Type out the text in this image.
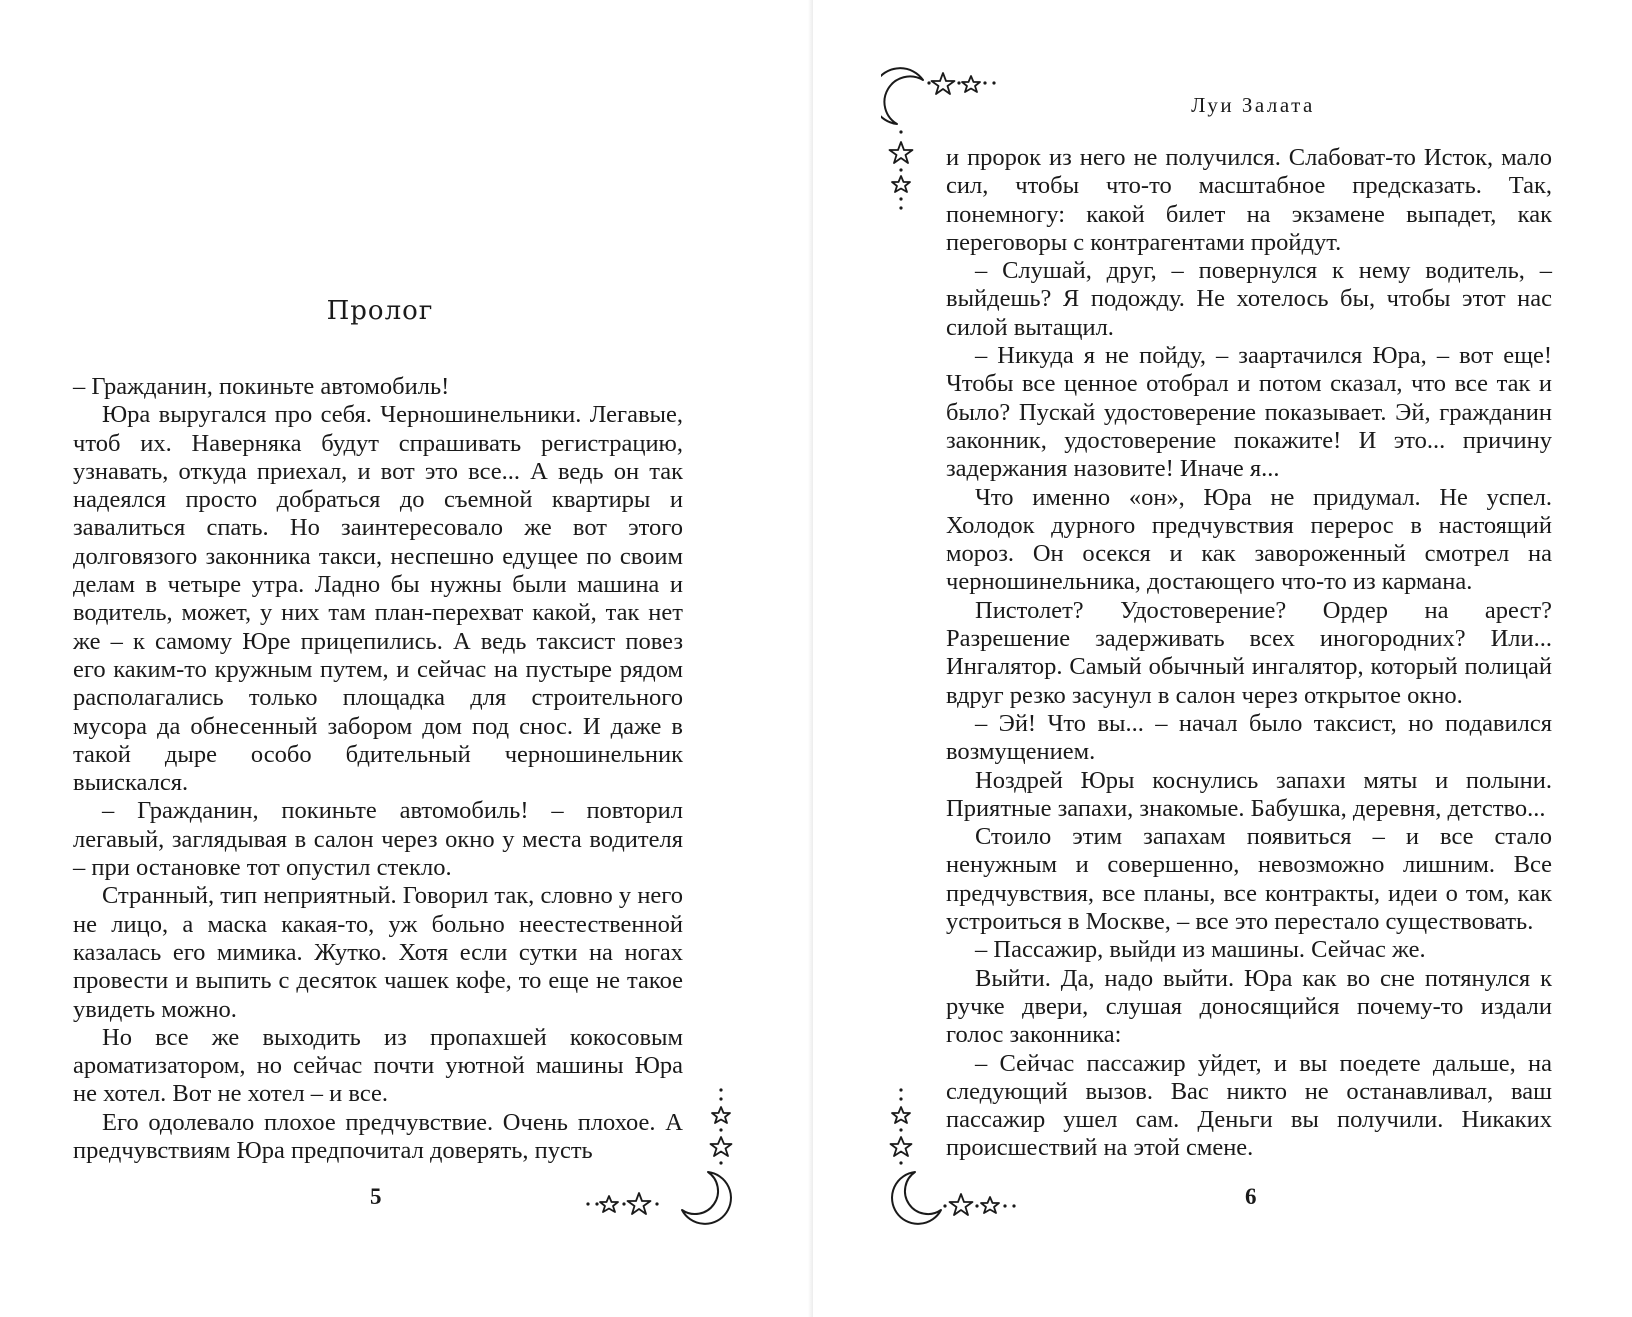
Пролог

– Гражданин, покиньте автомобиль!

Юра выругался про себя. Черношинельники. Легавые, чтоб их. Наверняка будут спрашивать регистрацию, узнавать, откуда приехал, и вот это все... А ведь он так надеялся просто добраться до съемной квартиры и завалиться спать. Но заинтересовало же вот этого долговязого законника такси, неспешно едущее по своим делам в четыре утра. Ладно бы нужны были машина и водитель, может, у них там план-перехват какой, так нет же – к самому Юре прицепились. А ведь таксист повез его каким-то кружным путем, и сейчас на пустыре рядом располагались только площадка для строительного мусора да обнесенный забором дом под снос. И даже в такой дыре особо бдительный черношинельник выискался.

– Гражданин, покиньте автомобиль! – повторил легавый, заглядывая в салон через окно у места водителя – при остановке тот опустил стекло.

Странный, тип неприятный. Говорил так, словно у него не лицо, а маска какая-то, уж больно неестественной казалась его мимика. Жутко. Хотя если сутки на ногах провести и выпить с десяток чашек кофе, то еще не такое увидеть можно.

Но все же выходить из пропахшей кокосовым ароматизатором, но сейчас почти уютной машины Юра не хотел. Вот не хотел – и все.

Его одолевало плохое предчувствие. Очень плохое. А предчувствиям Юра предпочитал доверять, пусть

5
Луи Залата

и пророк из него не получился. Слабоват-то Исток, мало сил, чтобы что-то масштабное предсказать. Так, понемногу: какой билет на экзамене выпадет, как переговоры с контрагентами пройдут.

– Слушай, друг, – повернулся к нему водитель, – выйдешь? Я подожду. Не хотелось бы, чтобы этот нас силой вытащил.

– Никуда я не пойду, – заартачился Юра, – вот еще! Чтобы все ценное отобрал и потом сказал, что все так и было? Пускай удостоверение показывает. Эй, гражданин законник, удостоверение покажите! И это... причину задержания назовите! Иначе я...

Что именно «он», Юра не придумал. Не успел. Холодок дурного предчувствия перерос в настоящий мороз. Он осекся и как завороженный смотрел на черношинельника, достающего что-то из кармана.

Пистолет? Удостоверение? Ордер на арест? Разрешение задерживать всех иногородних? Или... Ингалятор. Самый обычный ингалятор, который полицай вдруг резко засунул в салон через открытое окно.

– Эй! Что вы... – начал было таксист, но подавился возмущением.

Ноздрей Юры коснулись запахи мяты и полыни. Приятные запахи, знакомые. Бабушка, деревня, детство...

Стоило этим запахам появиться – и все стало ненужным и совершенно, невозможно лишним. Все предчувствия, все планы, все контракты, идеи о том, как устроиться в Москве, – все это перестало существовать.

– Пассажир, выйди из машины. Сейчас же.

Выйти. Да, надо выйти. Юра как во сне потянулся к ручке двери, слушая доносящийся почему-то издали голос законника:

– Сейчас пассажир уйдет, и вы поедете дальше, на следующий вызов. Вас никто не останавливал, ваш пассажир ушел сам. Деньги вы получили. Никаких происшествий на этой смене.

6
